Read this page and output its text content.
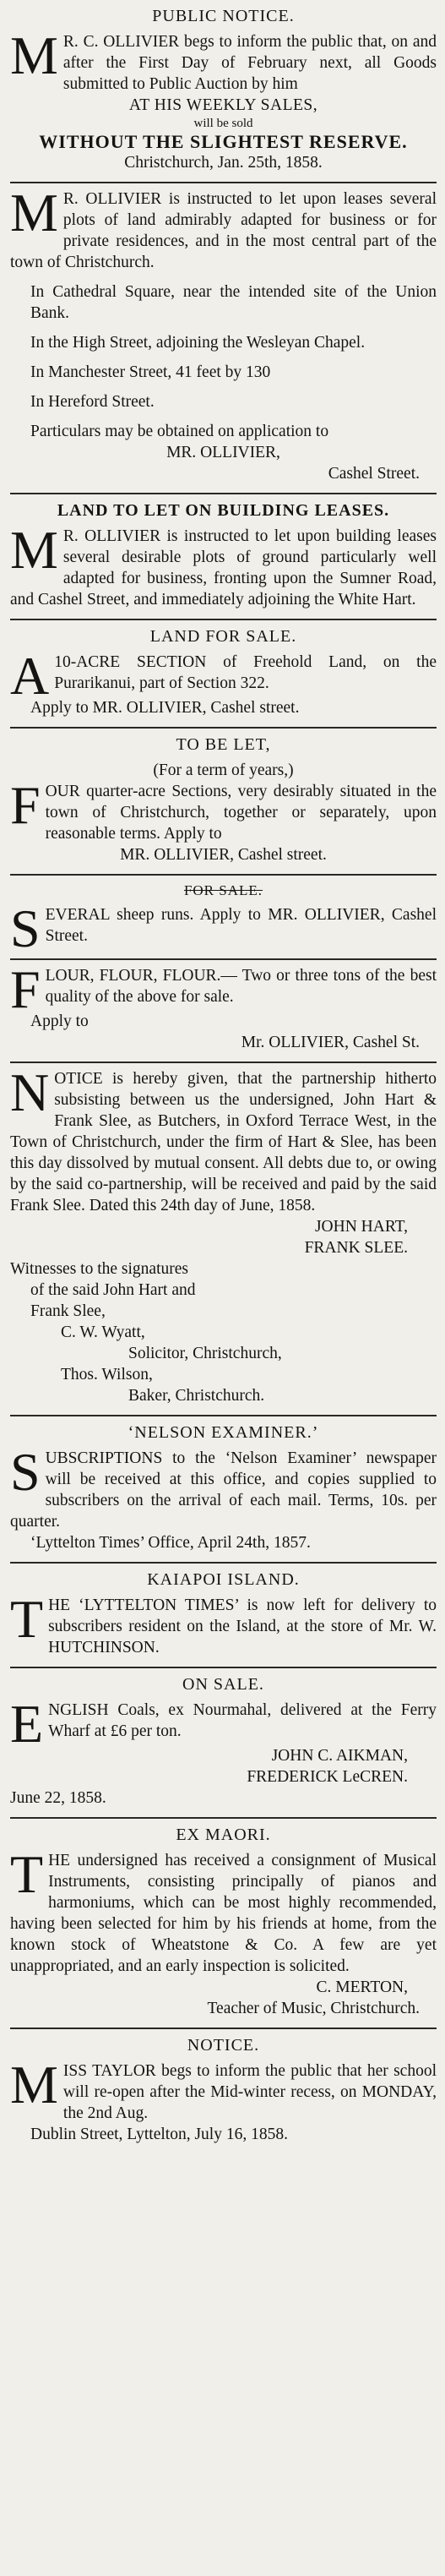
PUBLIC NOTICE.

M R. C. OLLIVIER begs to inform the public that, on and after the First Day of February next, all Goods submitted to Public Auction by him

AT HIS WEEKLY SALES,

will be sold

WITHOUT THE SLIGHTEST RESERVE.

Christchurch, Jan. 25th, 1858.

M R. OLLIVIER is instructed to let upon leases several plots of land admirably adapted for business or for private residences, and in the most central part of the town of Christchurch.

In Cathedral Square, near the intended site of the Union Bank.

In the High Street, adjoining the Wesleyan Chapel.

In Manchester Street, 41 feet by 130

In Hereford Street.

Particulars may be obtained on application to

MR. OLLIVIER,

Cashel Street.

LAND TO LET ON BUILDING LEASES.

M R. OLLIVIER is instructed to let upon building leases several desirable plots of ground particularly well adapted for business, fronting upon the Sumner Road, and Cashel Street, and immediately adjoining the White Hart.

LAND FOR SALE.

A 10-ACRE SECTION of Freehold Land, on the Purarikanui, part of Section 322.

Apply to MR. OLLIVIER, Cashel street.

TO BE LET,

(For a term of years,)

FOUR quarter-acre Sections, very desirably situated in the town of Christchurch, together or separately, upon reasonable terms. Apply to

MR. OLLIVIER, Cashel street.

FOR SALE.

SEVERAL sheep runs. Apply to MR. OLLIVIER, Cashel Street.

FLOUR, FLOUR, FLOUR.— Two or three tons of the best quality of the above for sale.

Apply to

Mr. OLLIVIER, Cashel St.

NOTICE is hereby given, that the partnership hitherto subsisting between us the undersigned, John Hart & Frank Slee, as Butchers, in Oxford Terrace West, in the Town of Christchurch, under the firm of Hart & Slee, has been this day dissolved by mutual consent. All debts due to, or owing by the said co-partnership, will be received and paid by the said Frank Slee. Dated this 24th day of June, 1858.

JOHN HART,

FRANK SLEE.

Witnesses to the signatures

of the said John Hart and

Frank Slee,

C. W. Wyatt,

Solicitor, Christchurch,

Thos. Wilson,

Baker, Christchurch.

‘NELSON EXAMINER.’

SUBSCRIPTIONS to the ‘Nelson Examiner’ newspaper will be received at this office, and copies supplied to subscribers on the arrival of each mail. Terms, 10s. per quarter.

‘Lyttelton Times’ Office, April 24th, 1857.

KAIAPOI ISLAND.

THE ‘LYTTELTON TIMES’ is now left for delivery to subscribers resident on the Island, at the store of Mr. W. HUTCHINSON.

ON SALE.

ENGLISH Coals, ex Nourmahal, delivered at the Ferry Wharf at £6 per ton.

JOHN C. AIKMAN,

FREDERICK LeCREN.

June 22, 1858.

EX MAORI.

THE undersigned has received a consignment of Musical Instruments, consisting principally of pianos and harmoniums, which can be most highly recommended, having been selected for him by his friends at home, from the known stock of Wheatstone & Co. A few are yet unappropriated, and an early inspection is solicited.

C. MERTON,

Teacher of Music, Christchurch.

NOTICE.

MISS TAYLOR begs to inform the public that her school will re-open after the Mid-winter recess, on MONDAY, the 2nd Aug.

Dublin Street, Lyttelton, July 16, 1858.
